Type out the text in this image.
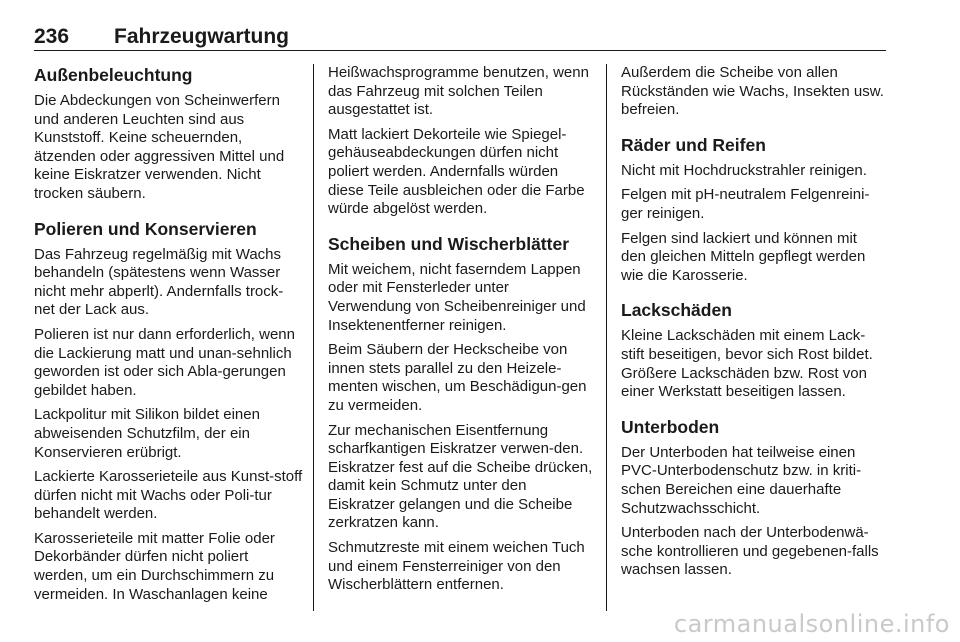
236 Fahrzeugwartung
Außenbeleuchtung

Die Abdeckungen von Scheinwerfern und anderen Leuchten sind aus Kunststoff. Keine scheuernden, ätzenden oder aggressiven Mittel und keine Eiskratzer verwenden. Nicht trocken säubern.

Polieren und Konservieren

Das Fahrzeug regelmäßig mit Wachs behandeln (spätestens wenn Wasser nicht mehr abperlt). Andernfalls trock-net der Lack aus.

Polieren ist nur dann erforderlich, wenn die Lackierung matt und unan-sehnlich geworden ist oder sich Abla-gerungen gebildet haben.

Lackpolitur mit Silikon bildet einen abweisenden Schutzfilm, der ein Konservieren erübrigt.

Lackierte Karosserieteile aus Kunst-stoff dürfen nicht mit Wachs oder Poli-tur behandelt werden.

Karosserieteile mit matter Folie oder Dekorbänder dürfen nicht poliert werden, um ein Durchschimmern zu vermeiden. In Waschanlagen keine

Heißwachsprogramme benutzen, wenn das Fahrzeug mit solchen Teilen ausgestattet ist.

Matt lackiert Dekorteile wie Spiegel-gehäuseabdeckungen dürfen nicht poliert werden. Andernfalls würden diese Teile ausbleichen oder die Farbe würde abgelöst werden.

Scheiben und Wischerblätter

Mit weichem, nicht faserndem Lappen oder mit Fensterleder unter Verwendung von Scheibenreiniger und Insektenentferner reinigen.

Beim Säubern der Heckscheibe von innen stets parallel zu den Heizele-menten wischen, um Beschädigun-gen zu vermeiden.

Zur mechanischen Eisentfernung scharfkantigen Eiskratzer verwen-den. Eiskratzer fest auf die Scheibe drücken, damit kein Schmutz unter den Eiskratzer gelangen und die Scheibe zerkratzen kann.

Schmutzreste mit einem weichen Tuch und einem Fensterreiniger von den Wischerblättern entfernen.

Außerdem die Scheibe von allen Rückständen wie Wachs, Insekten usw. befreien.

Räder und Reifen

Nicht mit Hochdruckstrahler reinigen.

Felgen mit pH-neutralem Felgenreini-ger reinigen.

Felgen sind lackiert und können mit den gleichen Mitteln gepflegt werden wie die Karosserie.

Lackschäden

Kleine Lackschäden mit einem Lack-stift beseitigen, bevor sich Rost bildet. Größere Lackschäden bzw. Rost von einer Werkstatt beseitigen lassen.

Unterboden

Der Unterboden hat teilweise einen PVC-Unterbodenschutz bzw. in kriti-schen Bereichen eine dauerhafte Schutzwachsschicht.

Unterboden nach der Unterbodenwä-sche kontrollieren und gegebenen-falls wachsen lassen.

carmanualsonline.info
